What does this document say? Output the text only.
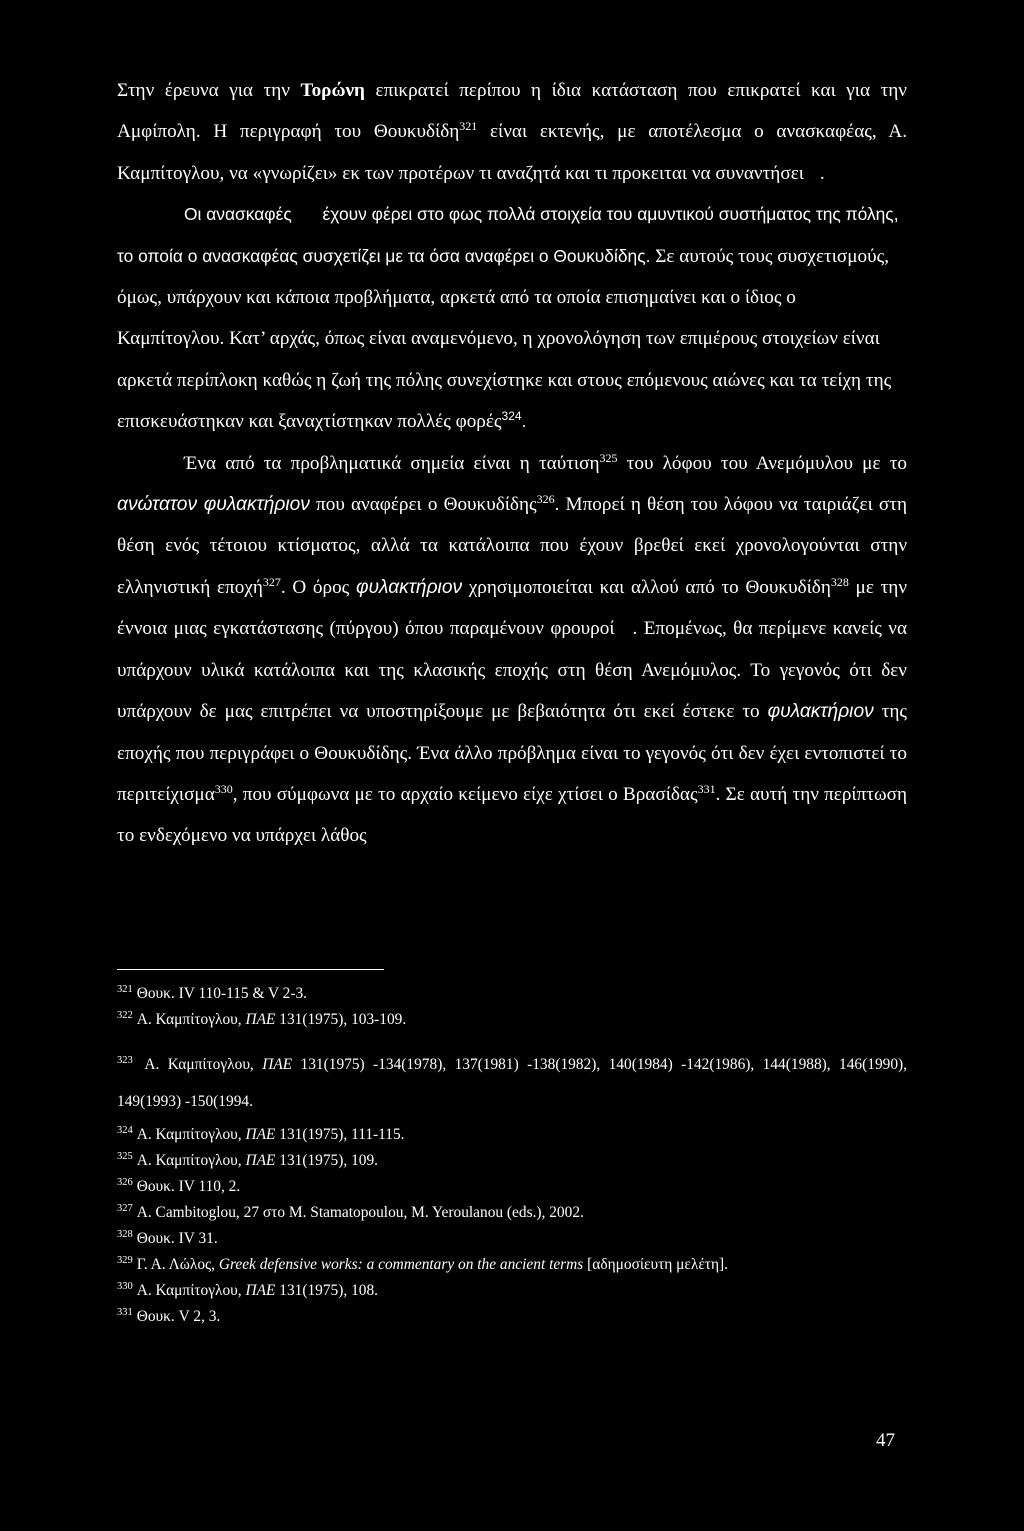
Στην έρευνα για την Τορώνη επικρατεί περίπου η ίδια κατάσταση που επικρατεί και για την Αμφίπολη. Η περιγραφή του Θουκυδίδη$^{321}$ είναι εκτενής, με αποτέλεσμα ο ανασκαφέας, Α. Καμπίτογλου, να «γνωρίζει» εκ των προτέρων τι αναζητά και τι προκειται να συναντήσει .

Οι ανασκαφές έχουν φέρει στο φως πολλά στοιχεία του αμυντικού συστήματος της πόλης, το οποία ο ανασκαφέας συσχετίζει με τα όσα αναφέρει ο Θουκυδίδης. Σε αυτούς τους συσχετισμούς, όμως, υπάρχουν και κάποια προβλήματα, αρκετά από τα οποία επισημαίνει και ο ίδιος ο Καμπίτογλου. Κατ’ αρχάς, όπως είναι αναμενόμενο, η χρονολόγηση των επιμέρους στοιχείων είναι αρκετά περίπλοκη καθώς η ζωή της πόλης συνεχίστηκε και στους επόμενους αιώνες και τα τείχη της επισκευάστηκαν και ξαναχτίστηκαν πολλές φορές$^{324}$.

Ένα από τα προβληματικά σημεία είναι η ταύτιση$^{325}$ του λόφου του Ανεμόμυλου με το ανώτατον φυλακτήριον που αναφέρει ο Θουκυδίδης$^{326}$. Μπορεί η θέση του λόφου να ταιριάζει στη θέση ενός τέτοιου κτίσματος, αλλά τα κατάλοιπα που έχουν βρεθεί εκεί χρονολογούνται στην ελληνιστική εποχή$^{327}$. Ο όρος φυλακτήριον χρησιμοποιείται και αλλού από το Θουκυδίδη$^{328}$ με την έννοια μιας εγκατάστασης (πύργου) όπου παραμένουν φρουροί . Επομένως, θα περίμενε κανείς να υπάρχουν υλικά κατάλοιπα και της κλασικής εποχής στη θέση Ανεμόμυλος. Το γεγονός ότι δεν υπάρχουν δε μας επιτρέπει να υποστηρίξουμε με βεβαιότητα ότι εκεί έστεκε το φυλακτήριον της εποχής που περιγράφει ο Θουκυδίδης. Ένα άλλο πρόβλημα είναι το γεγονός ότι δεν έχει εντοπιστεί το περιτείχισμα$^{330}$, που σύμφωνα με το αρχαίο κείμενο είχε χτίσει ο Βρασίδας$^{331}$. Σε αυτή την περίπτωση το ενδεχόμενο να υπάρχει λάθος

$^{321}$ Θουκ. IV 110-115 & V 2-3.

$^{322}$ Α. Καμπίτογλου, ΠΑΕ 131(1975), 103-109.

$^{323}$ Α. Καμπίτογλου, ΠΑΕ 131(1975) -134(1978), 137(1981) -138(1982), 140(1984) -142(1986), 144(1988), 146(1990), 149(1993) -150(1994.

$^{324}$ Α. Καμπίτογλου, ΠΑΕ 131(1975), 111-115.

$^{325}$ Α. Καμπίτογλου, ΠΑΕ 131(1975), 109.

$^{326}$ Θουκ. IV 110, 2.

$^{327}$ A. Cambitoglou, 27 στο M. Stamatopoulou, M. Yeroulanou (eds.), 2002.

$^{328}$ Θουκ. IV 31.

$^{329}$ Γ. Α. Λώλος, Greek defensive works: a commentary on the ancient terms [αδημοσίευτη μελέτη].

$^{330}$ Α. Καμπίτογλου, ΠΑΕ 131(1975), 108.

$^{331}$ Θουκ. V 2, 3.

47
